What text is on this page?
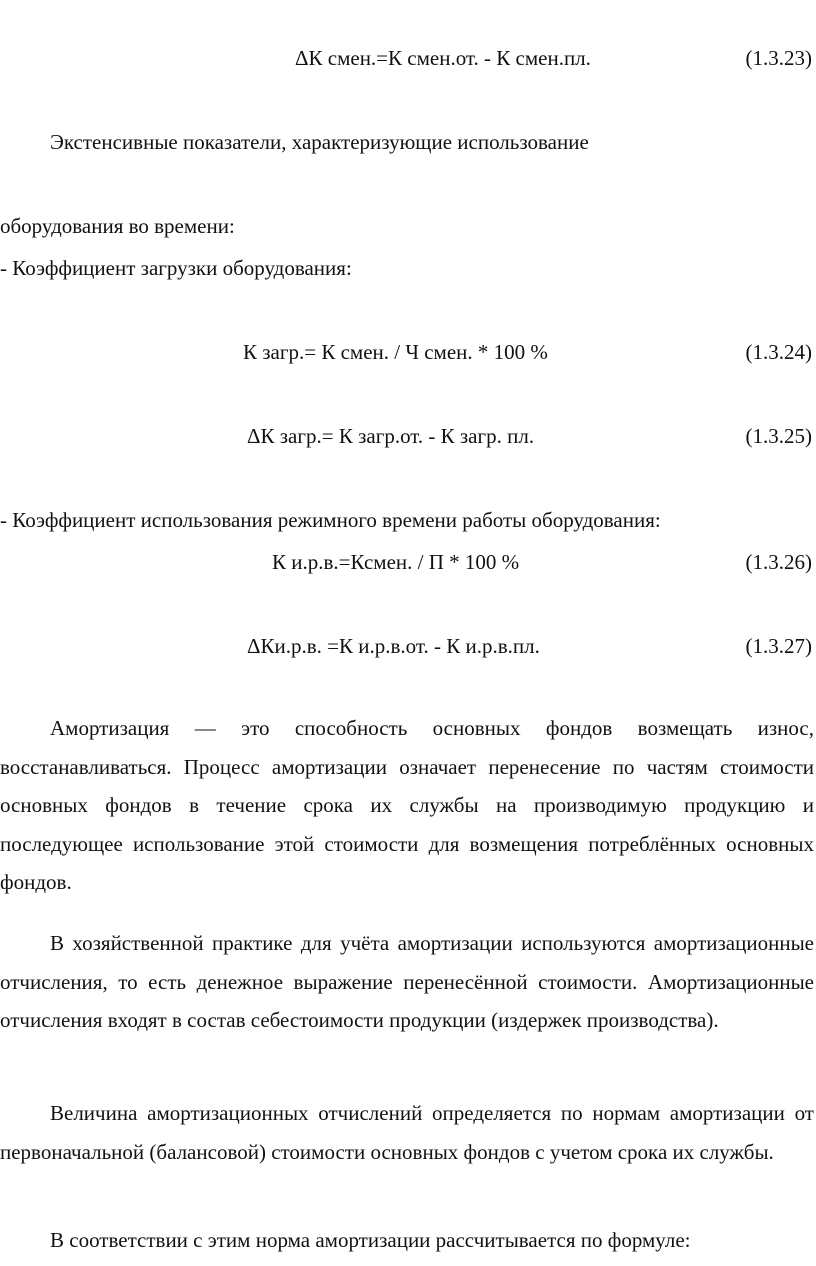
ΔК смен.=К смен.от. - К смен.пл.	(1.3.23)
Экстенсивные показатели, характеризующие использование
оборудования во времени:
- Коэффициент загрузки оборудования:
К загр.= К смен. / Ч смен. * 100 %	(1.3.24)
ΔК загр.= К загр.от. - К загр. пл.	(1.3.25)
- Коэффициент использования режимного времени работы оборудования:
К и.р.в.=Ксмен. / П * 100 %	(1.3.26)
ΔКи.р.в. =К и.р.в.от. - К и.р.в.пл.	(1.3.27)

Амортизация — это способность основных фондов возмещать износ, восстанавливаться. Процесс амортизации означает перенесение по частям стоимости основных фондов в течение срока их службы на производимую продукцию и последующее использование этой стоимости для возмещения потреблённых основных фондов.

В хозяйственной практике для учёта амортизации используются амортизационные отчисления, то есть денежное выражение перенесённой стоимости. Амортизационные отчисления входят в состав себестоимости продукции (издержек производства).

Величина амортизационных отчислений определяется по нормам амортизации от первоначальной (балансовой) стоимости основных фондов с учетом срока их службы.

В соответствии с этим норма амортизации рассчитывается по формуле:
